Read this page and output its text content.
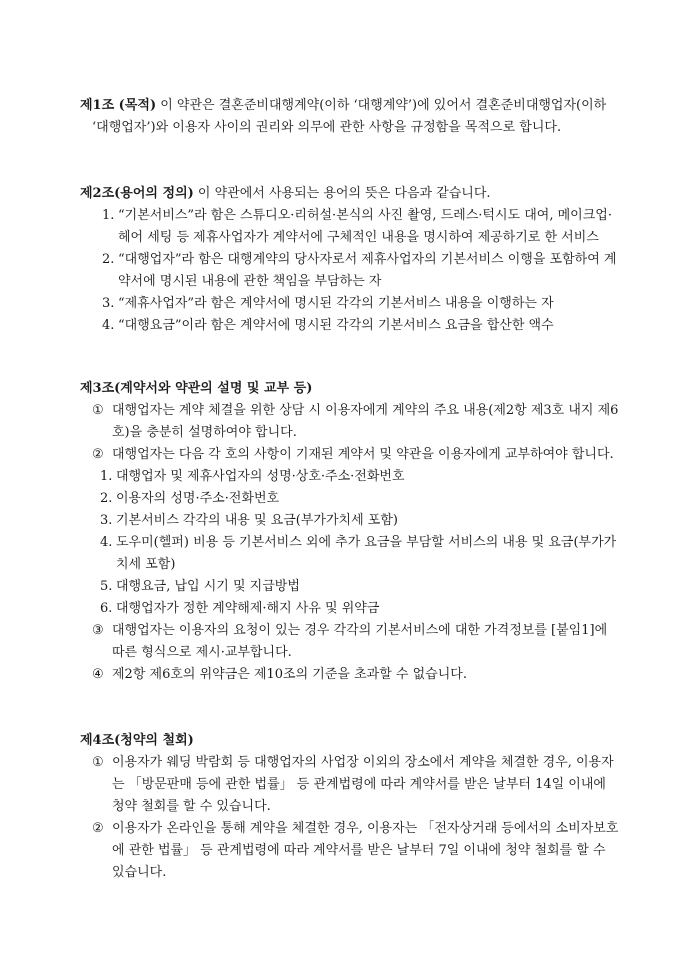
제1조 (목적) 이 약관은 결혼준비대행계약(이하 ‘대행계약’)에 있어서 결혼준비대행업자(이하 ‘대행업자’)와 이용자 사이의 권리와 의무에 관한 사항을 규정함을 목적으로 합니다.

제2조(용어의 정의) 이 약관에서 사용되는 용어의 뜻은 다음과 같습니다.

1. “기본서비스”라 함은 스튜디오·리허설·본식의 사진 촬영, 드레스·턱시도 대여, 메이크업·헤어 세팅 등 제휴사업자가 계약서에 구체적인 내용을 명시하여 제공하기로 한 서비스
2. “대행업자”라 함은 대행계약의 당사자로서 제휴사업자의 기본서비스 이행을 포함하여 계약서에 명시된 내용에 관한 책임을 부담하는 자
3. “제휴사업자”라 함은 계약서에 명시된 각각의 기본서비스 내용을 이행하는 자
4. “대행요금”이라 함은 계약서에 명시된 각각의 기본서비스 요금을 합산한 액수

제3조(계약서와 약관의 설명 및 교부 등)

① 대행업자는 계약 체결을 위한 상담 시 이용자에게 계약의 주요 내용(제2항 제3호 내지 제6호)을 충분히 설명하여야 합니다.
② 대행업자는 다음 각 호의 사항이 기재된 계약서 및 약관을 이용자에게 교부하여야 합니다.
1. 대행업자 및 제휴사업자의 성명·상호·주소·전화번호
2. 이용자의 성명·주소·전화번호
3. 기본서비스 각각의 내용 및 요금(부가가치세 포함)
4. 도우미(헬퍼) 비용 등 기본서비스 외에 추가 요금을 부담할 서비스의 내용 및 요금(부가가치세 포함)
5. 대행요금, 납입 시기 및 지급방법
6. 대행업자가 정한 계약해제·해지 사유 및 위약금
③ 대행업자는 이용자의 요청이 있는 경우 각각의 기본서비스에 대한 가격정보를 [붙임1]에 따른 형식으로 제시·교부합니다.
④ 제2항 제6호의 위약금은 제10조의 기준을 초과할 수 없습니다.

제4조(청약의 철회)

① 이용자가 웨딩 박람회 등 대행업자의 사업장 이외의 장소에서 계약을 체결한 경우, 이용자는 「방문판매 등에 관한 법률」 등 관계법령에 따라 계약서를 받은 날부터 14일 이내에 청약 철회를 할 수 있습니다.
② 이용자가 온라인을 통해 계약을 체결한 경우, 이용자는 「전자상거래 등에서의 소비자보호에 관한 법률」 등 관계법령에 따라 계약서를 받은 날부터 7일 이내에 청약 철회를 할 수 있습니다.
